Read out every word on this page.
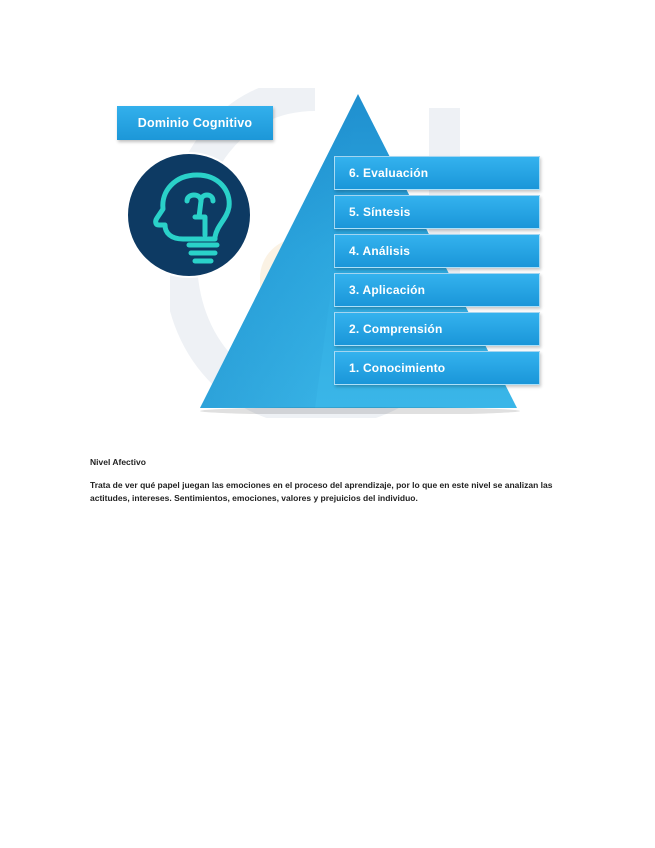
Dominio Cognitivo
6. Evaluación
5. Síntesis
4. Análisis
3. Aplicación
2. Comprensión
1. Conocimiento

Nivel Afectivo

Trata de ver qué papel juegan las emociones en el proceso del aprendizaje, por lo que en este nivel se analizan las actitudes, intereses. Sentimientos, emociones, valores y prejuicios del individuo.
